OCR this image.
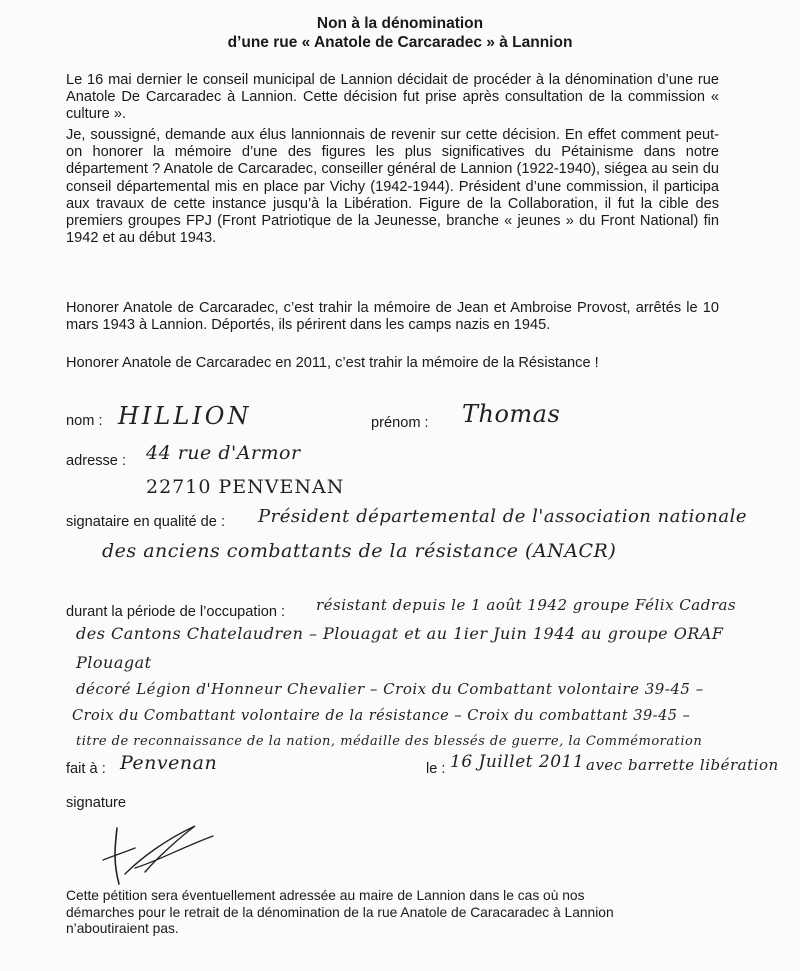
Non à la dénomination
d’une rue « Anatole de Carcaradec » à Lannion

Le 16 mai dernier le conseil municipal de Lannion décidait de procéder à la dénomination d’une rue Anatole De Carcaradec à Lannion. Cette décision fut prise après consultation de la commission « culture ».

Je, soussigné, demande aux élus lannionnais de revenir sur cette décision. En effet comment peut-on honorer la mémoire d’une des figures les plus significatives du Pétainisme dans notre département ? Anatole de Carcaradec, conseiller général de Lannion (1922-1940), siégea au sein du conseil départemental mis en place par Vichy (1942-1944). Président d’une commission, il participa aux travaux de cette instance jusqu’à la Libération. Figure de la Collaboration, il fut la cible des premiers groupes FPJ (Front Patriotique de la Jeunesse, branche « jeunes » du Front National) fin 1942 et au début 1943.

Honorer Anatole de Carcaradec, c’est trahir la mémoire de Jean et Ambroise Provost, arrêtés le 10 mars 1943 à Lannion. Déportés, ils périrent dans les camps nazis en 1945.

Honorer Anatole de Carcaradec en 2011, c’est trahir la mémoire de la Résistance !

nom : HILLION	prénom : Thomas
adresse : 44 rue d'Armor
22710 PENVENAN
signataire en qualité de : Président départemental de l'association nationale
des anciens combattants de la résistance (ANACR)
durant la période de l’occupation : résistant depuis le 1 août 1942 groupe Félix Cadras
des Cantons Chatelaudren – Plouagat et au 1ier Juin 1944 au groupe ORAF
Plouagat
décoré Légion d'Honneur Chevalier – Croix du Combattant volontaire 39-45 –
Croix du Combattant volontaire de la résistance – Croix du combattant 39-45 –
titre de reconnaissance de la nation, médaille des blessés de guerre, la Commémoration
fait à : Penvenan	le : 16 Juillet 2011 avec barrette libération
signature

Cette pétition sera éventuellement adressée au maire de Lannion dans le cas où nos

démarches pour le retrait de la dénomination de la rue Anatole de Caracaradec à Lannion

n’aboutiraient pas.
